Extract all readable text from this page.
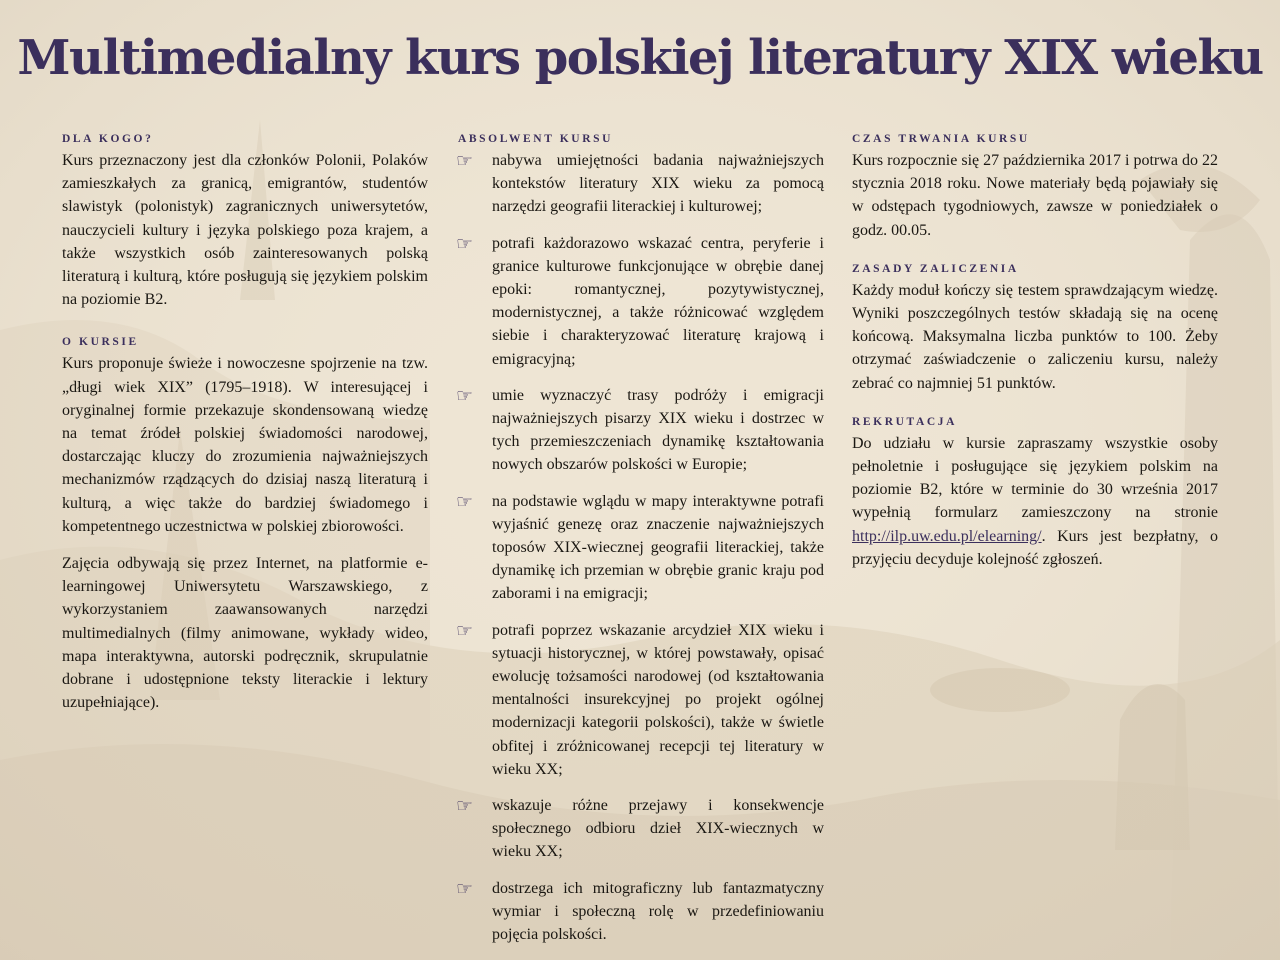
Multimedialny kurs polskiej literatury XIX wieku
DLA KOGO?

Kurs przeznaczony jest dla członków Polonii, Polaków zamieszkałych za granicą, emigrantów, studentów slawistyk (polonistyk) zagranicznych uniwersytetów, nauczycieli kultury i języka polskiego poza krajem, a także wszystkich osób zainteresowanych polską literaturą i kulturą, które posługują się językiem polskim na poziomie B2.

O KURSIE

Kurs proponuje świeże i nowoczesne spojrzenie na tzw. „długi wiek XIX” (1795–1918). W interesującej i oryginalnej formie przekazuje skondensowaną wiedzę na temat źródeł polskiej świadomości narodowej, dostarczając kluczy do zrozumienia najważniejszych mechanizmów rządzących do dzisiaj naszą literaturą i kulturą, a więc także do bardziej świadomego i kompetentnego uczestnictwa w polskiej zbiorowości.

Zajęcia odbywają się przez Internet, na platformie e-learningowej Uniwersytetu Warszawskiego, z wykorzystaniem zaawansowanych narzędzi multimedialnych (filmy animowane, wykłady wideo, mapa interaktywna, autorski podręcznik, skrupulatnie dobrane i udostępnione teksty literackie i lektury uzupełniające).

ABSOLWENT KURSU
☞ nabywa umiejętności badania najważniejszych kontekstów literatury XIX wieku za pomocą narzędzi geografii literackiej i kulturowej;
☞ potrafi każdorazowo wskazać centra, peryferie i granice kulturowe funkcjonujące w obrębie danej epoki: romantycznej, pozytywistycznej, modernistycznej, a także różnicować względem siebie i charakteryzować literaturę krajową i emigracyjną;
☞ umie wyznaczyć trasy podróży i emigracji najważniejszych pisarzy XIX wieku i dostrzec w tych przemieszczeniach dynamikę kształtowania nowych obszarów polskości w Europie;
☞ na podstawie wglądu w mapy interaktywne potrafi wyjaśnić genezę oraz znaczenie najważniejszych toposów XIX-wiecznej geografii literackiej, także dynamikę ich przemian w obrębie granic kraju pod zaborami i na emigracji;
☞ potrafi poprzez wskazanie arcydzieł XIX wieku i sytuacji historycznej, w której powstawały, opisać ewolucję tożsamości narodowej (od kształtowania mentalności insurekcyjnej po projekt ogólnej modernizacji kategorii polskości), także w świetle obfitej i zróżnicowanej recepcji tej literatury w wieku XX;
☞ wskazuje różne przejawy i konsekwencje społecznego odbioru dzieł XIX-wiecznych w wieku XX;
☞ dostrzega ich mitograficzny lub fantazmatyczny wymiar i społeczną rolę w przedefiniowaniu pojęcia polskości.
CZAS TRWANIA KURSU

Kurs rozpocznie się 27 października 2017 i potrwa do 22 stycznia 2018 roku. Nowe materiały będą pojawiały się w odstępach tygodniowych, zawsze w poniedziałek o godz. 00.05.

ZASADY ZALICZENIA

Każdy moduł kończy się testem sprawdzającym wiedzę. Wyniki poszczególnych testów składają się na ocenę końcową. Maksymalna liczba punktów to 100. Żeby otrzymać zaświadczenie o zaliczeniu kursu, należy zebrać co najmniej 51 punktów.

REKRUTACJA

Do udziału w kursie zapraszamy wszystkie osoby pełnoletnie i posługujące się językiem polskim na poziomie B2, które w terminie do 30 września 2017 wypełnią formularz zamieszczony na stronie http://ilp.uw.edu.pl/elearning/. Kurs jest bezpłatny, o przyjęciu decyduje kolejność zgłoszeń.
